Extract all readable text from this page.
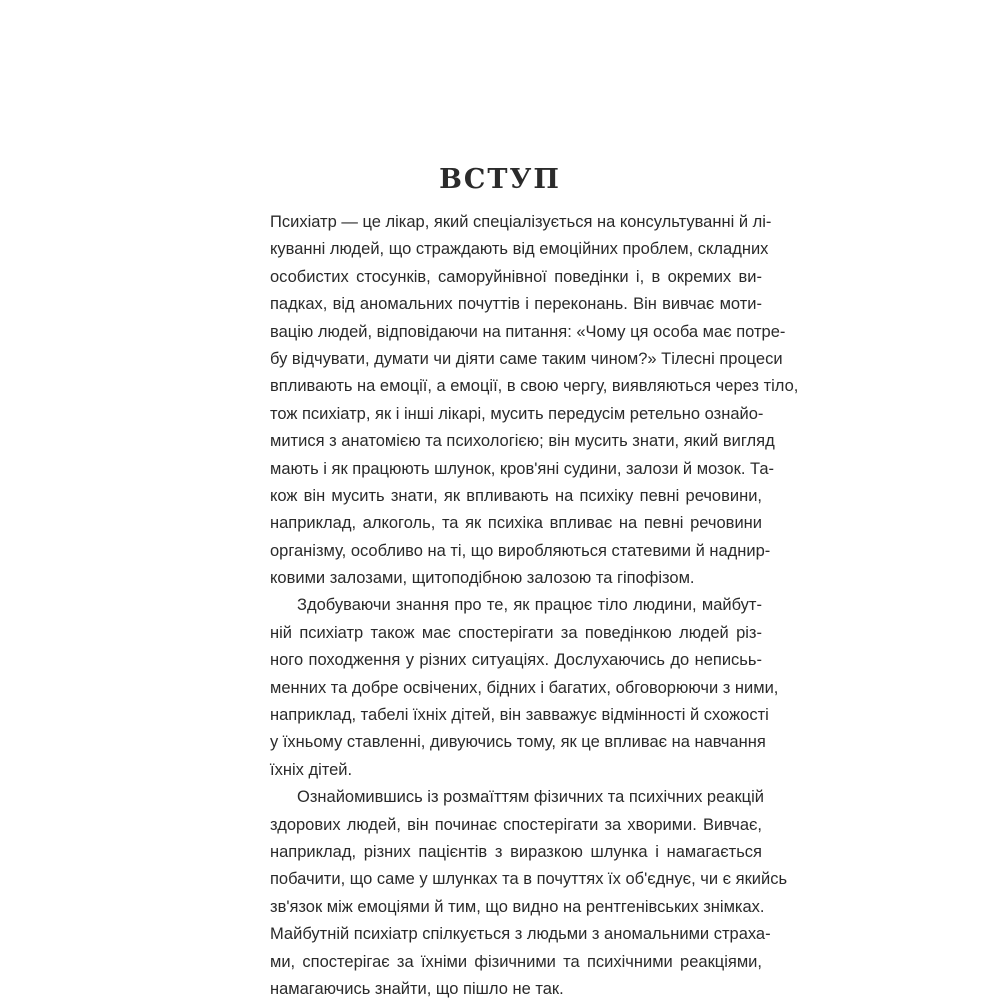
ВСТУП
Психіатр — це лікар, який спеціалізується на консультуванні й лі-
куванні людей, що страждають від емоційних проблем, складних
особистих стосунків, саморуйнівної поведінки і, в окремих ви-
падках, від аномальних почуттів і переконань. Він вивчає моти-
вацію людей, відповідаючи на питання: «Чому ця особа має потре-
бу відчувати, думати чи діяти саме таким чином?» Тілесні процеси
впливають на емоції, а емоції, в свою чергу, виявляються через тіло,
тож психіатр, як і інші лікарі, мусить передусім ретельно ознайо-
митися з анатомією та психологією; він мусить знати, який вигляд
мають і як працюють шлунок, кров'яні судини, залози й мозок. Та-
кож він мусить знати, як впливають на психіку певні речовини,
наприклад, алкоголь, та як психіка впливає на певні речовини
організму, особливо на ті, що виробляються статевими й наднир-
ковими залозами, щитоподібною залозою та гіпофізом.
Здобуваючи знання про те, як працює тіло людини, майбут-
ній психіатр також має спостерігати за поведінкою людей різ-
ного походження у різних ситуаціях. Дослухаючись до неписьь-
менних та добре освічених, бідних і багатих, обговорюючи з ними,
наприклад, табелі їхніх дітей, він завважує відмінності й схожості
у їхньому ставленні, дивуючись тому, як це впливає на навчання
їхніх дітей.
Ознайомившись із розмаїттям фізичних та психічних реакцій
здорових людей, він починає спостерігати за хворими. Вивчає,
наприклад, різних пацієнтів з виразкою шлунка і намагається
побачити, що саме у шлунках та в почуттях їх об'єднує, чи є якийсь
зв'язок між емоціями й тим, що видно на рентгенівських знімках.
Майбутній психіатр спілкується з людьми з аномальними страха-
ми, спостерігає за їхніми фізичними та психічними реакціями,
намагаючись знайти, що пішло не так.
